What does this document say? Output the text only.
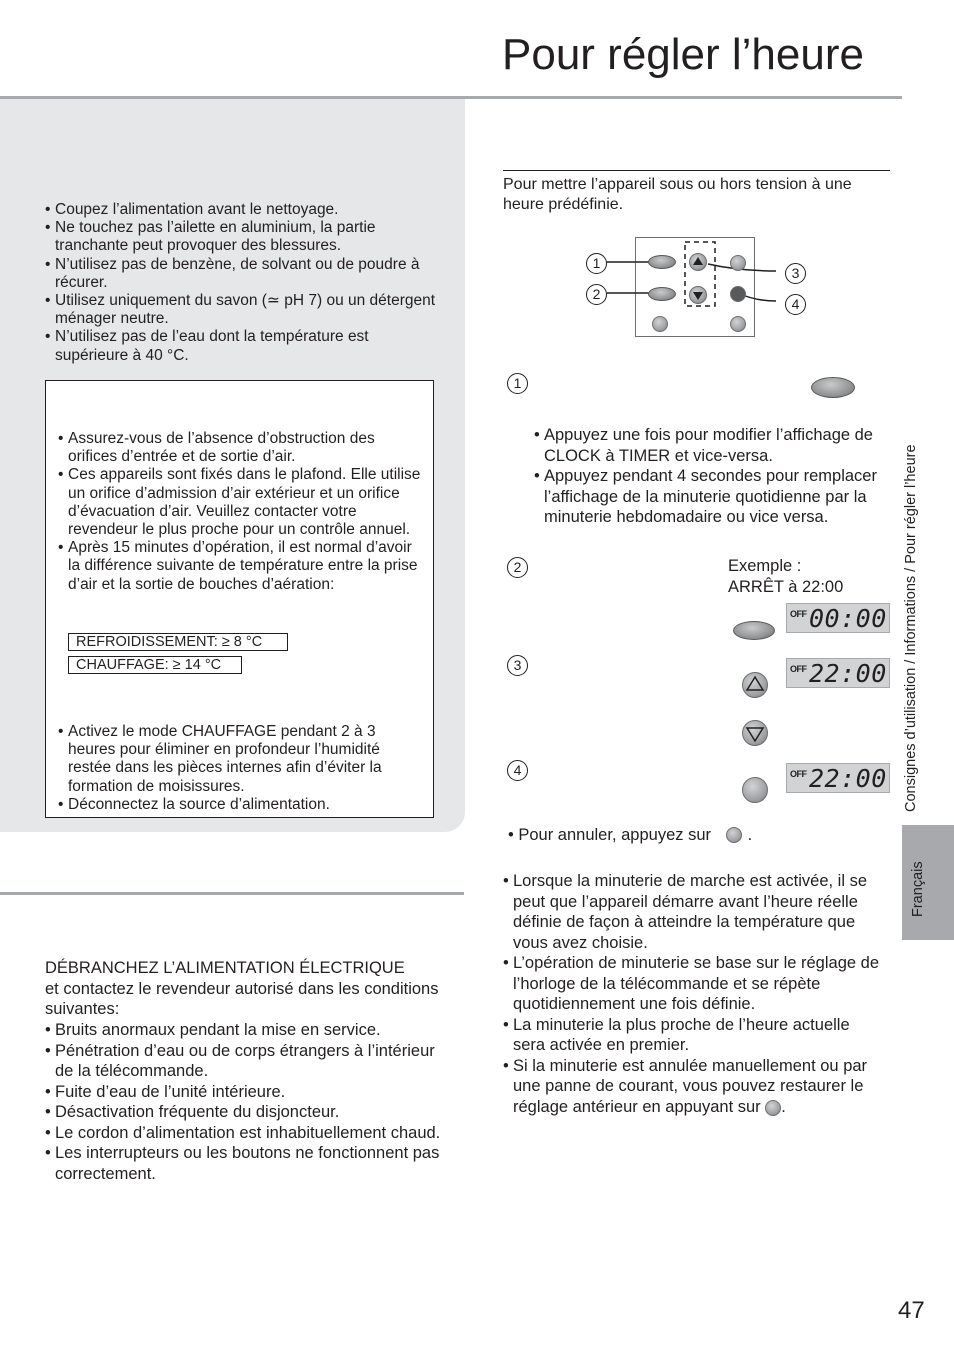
Pour régler l’heure
• Coupez l’alimentation avant le nettoyage.
• Ne touchez pas l’ailette en aluminium, la partie tranchante peut provoquer des blessures.
• N’utilisez pas de benzène, de solvant ou de poudre à récurer.
• Utilisez uniquement du savon (≃ pH 7) ou un détergent ménager neutre.
• N’utilisez pas de l’eau dont la température est supérieure à 40 °C.
• Assurez-vous de l’absence d’obstruction des orifices d’entrée et de sortie d’air.
• Ces appareils sont fixés dans le plafond. Elle utilise un orifice d’admission d’air extérieur et un orifice d’évacuation d’air. Veuillez contacter votre revendeur le plus proche pour un contrôle annuel.
• Après 15 minutes d’opération, il est normal d’avoir la différence suivante de température entre la prise d’air et la sortie de bouches d’aération:
REFROIDISSEMENT: ≥ 8 °C
CHAUFFAGE: ≥ 14 °C
• Activez le mode CHAUFFAGE pendant 2 à 3 heures pour éliminer en profondeur l’humidité restée dans les pièces internes afin d’éviter la formation de moisissures.
• Déconnectez la source d’alimentation.
DÉBRANCHEZ L’ALIMENTATION ÉLECTRIQUE
et contactez le revendeur autorisé dans les conditions suivantes:
• Bruits anormaux pendant la mise en service.
• Pénétration d’eau ou de corps étrangers à l’intérieur de la télécommande.
• Fuite d’eau de l’unité intérieure.
• Désactivation fréquente du disjoncteur.
• Le cordon d’alimentation est inhabituellement chaud.
• Les interrupteurs ou les boutons ne fonctionnent pas correctement.
Pour mettre l’appareil sous ou hors tension à une heure prédéfinie.
1
2
3
4
1
• Appuyez une fois pour modifier l’affichage de CLOCK à TIMER et vice-versa.
• Appuyez pendant 4 secondes pour remplacer l’affichage de la minuterie quotidienne par la minuterie hebdomadaire ou vice versa.
2	Exemple :
ARRÊT à 22:00
OFF 00:00
3	OFF 22:00
4	OFF 22:00
• Pour annuler, appuyez sur .
• Lorsque la minuterie de marche est activée, il se peut que l’appareil démarre avant l’heure réelle définie de façon à atteindre la température que vous avez choisie.
• L’opération de minuterie se base sur le réglage de l’horloge de la télécommande et se répète quotidiennement une fois définie.
• La minuterie la plus proche de l’heure actuelle sera activée en premier.
• Si la minuterie est annulée manuellement ou par une panne de courant, vous pouvez restaurer le réglage antérieur en appuyant sur .
Consignes d’utilisation / Informations / Pour régler l’heure
Français
47
